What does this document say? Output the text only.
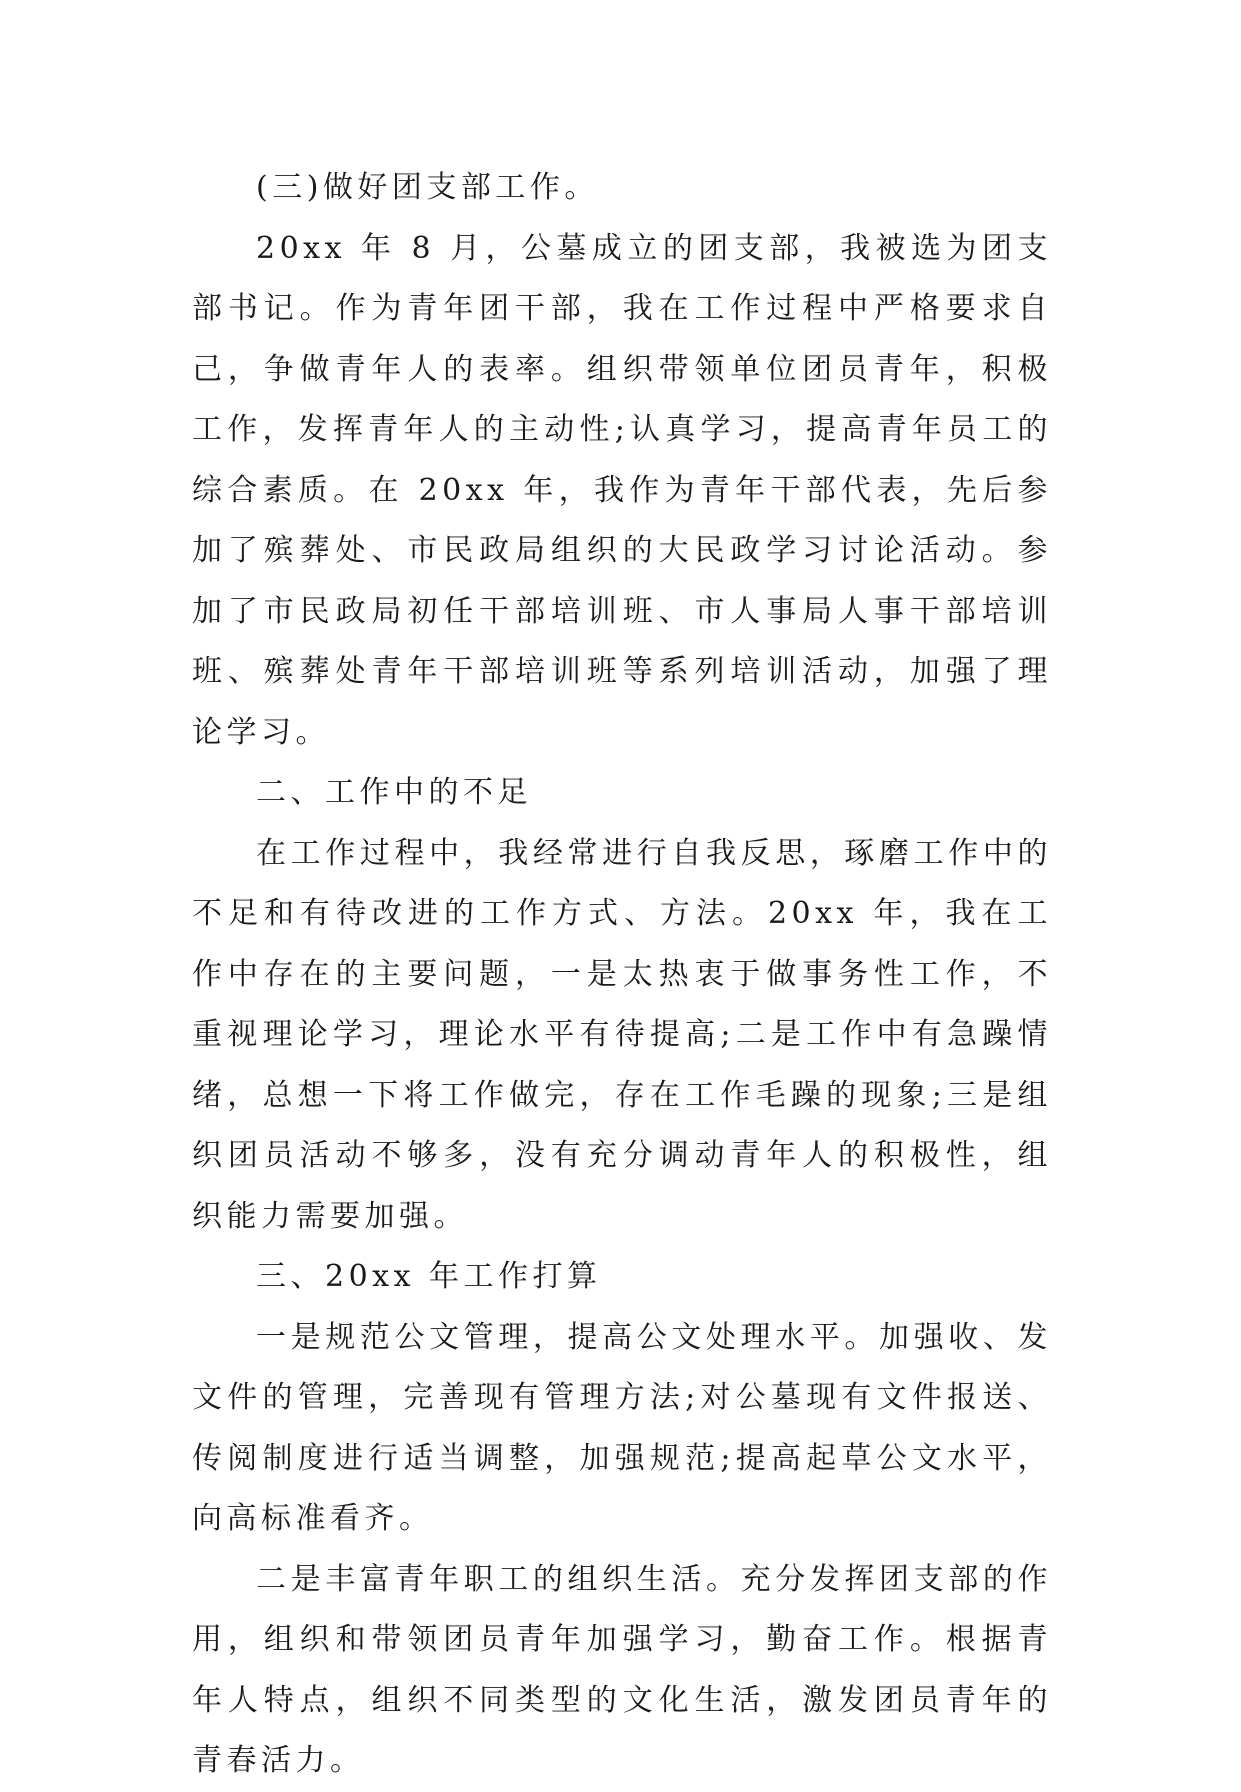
(三)做好团支部工作。

20xx 年 8 月，公墓成立的团支部，我被选为团支部书记。作为青年团干部，我在工作过程中严格要求自己，争做青年人的表率。组织带领单位团员青年，积极工作，发挥青年人的主动性;认真学习，提高青年员工的综合素质。在 20xx 年，我作为青年干部代表，先后参加了殡葬处、市民政局组织的大民政学习讨论活动。参加了市民政局初任干部培训班、市人事局人事干部培训班、殡葬处青年干部培训班等系列培训活动，加强了理论学习。

二、工作中的不足

在工作过程中，我经常进行自我反思，琢磨工作中的不足和有待改进的工作方式、方法。20xx 年，我在工作中存在的主要问题，一是太热衷于做事务性工作，不重视理论学习，理论水平有待提高;二是工作中有急躁情绪，总想一下将工作做完，存在工作毛躁的现象;三是组织团员活动不够多，没有充分调动青年人的积极性，组织能力需要加强。

三、20xx 年工作打算

一是规范公文管理，提高公文处理水平。加强收、发文件的管理，完善现有管理方法;对公墓现有文件报送、传阅制度进行适当调整，加强规范;提高起草公文水平，向高标准看齐。

二是丰富青年职工的组织生活。充分发挥团支部的作用，组织和带领团员青年加强学习，勤奋工作。根据青年人特点，组织不同类型的文化生活，激发团员青年的青春活力。
